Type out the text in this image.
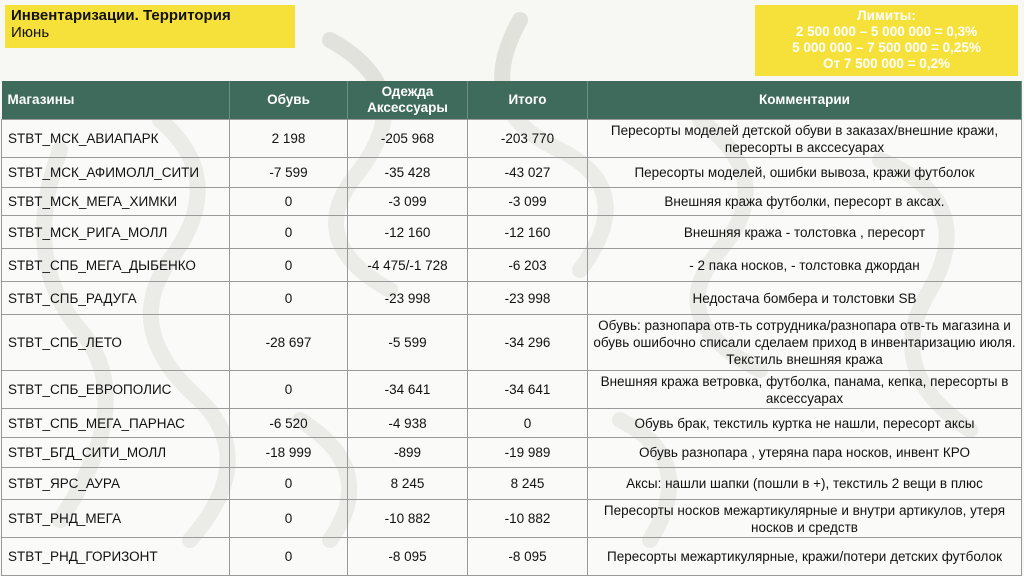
Инвентаризации. Территория
Июнь
Лимиты:
2 500 000 – 5 000 000 = 0,3%
5 000 000 – 7 500 000 = 0,25%
От 7 500 000 = 0,2%
Магазины	Обувь	Одежда Аксессуары	Итого	Комментарии
STBT_МСК_АВИАПАРК	2 198	-205 968	-203 770	Пересорты моделей детской обуви в заказах/внешние кражи, пересорты в акссесуарах
STBT_МСК_АФИМОЛЛ_СИТИ	-7 599	-35 428	-43 027	Пересорты моделей, ошибки вывоза, кражи футболок
STBT_МСК_МЕГА_ХИМКИ	0	-3 099	-3 099	Внешняя кража футболки, пересорт в аксах.
STBT_МСК_РИГА_МОЛЛ	0	-12 160	-12 160	Внешняя кража - толстовка , пересорт
STBT_СПБ_МЕГА_ДЫБЕНКО	0	-4 475/-1 728	-6 203	- 2 пака носков, - толстовка джордан
STBT_СПБ_РАДУГА	0	-23 998	-23 998	Недостача бомбера и толстовки SB
STBT_СПБ_ЛЕТО	-28 697	-5 599	-34 296	Обувь: разнопара отв-ть сотрудника/разнопара отв-ть магазина и обувь ошибочно списали сделаем приход в инвентаризацию июля. Текстиль внешняя кража
STBT_СПБ_ЕВРОПОЛИС	0	-34 641	-34 641	Внешняя кража ветровка, футболка, панама, кепка, пересорты в аксессуарах
STBT_СПБ_МЕГА_ПАРНАС	-6 520	-4 938	0	Обувь брак, текстиль куртка не нашли, пересорт аксы
STBT_БГД_СИТИ_МОЛЛ	-18 999	-899	-19 989	Обувь разнопара , утеряна пара носков, инвент КРО
STBT_ЯРС_АУРА	0	8 245	8 245	Аксы: нашли шапки (пошли в +), текстиль 2 вещи в плюс
STBT_РНД_МЕГА	0	-10 882	-10 882	Пересорты носков межартикулярные и внутри артикулов, утеря носков и средств
STBT_РНД_ГОРИЗОНТ	0	-8 095	-8 095	Пересорты межартикулярные, кражи/потери детских футболок
